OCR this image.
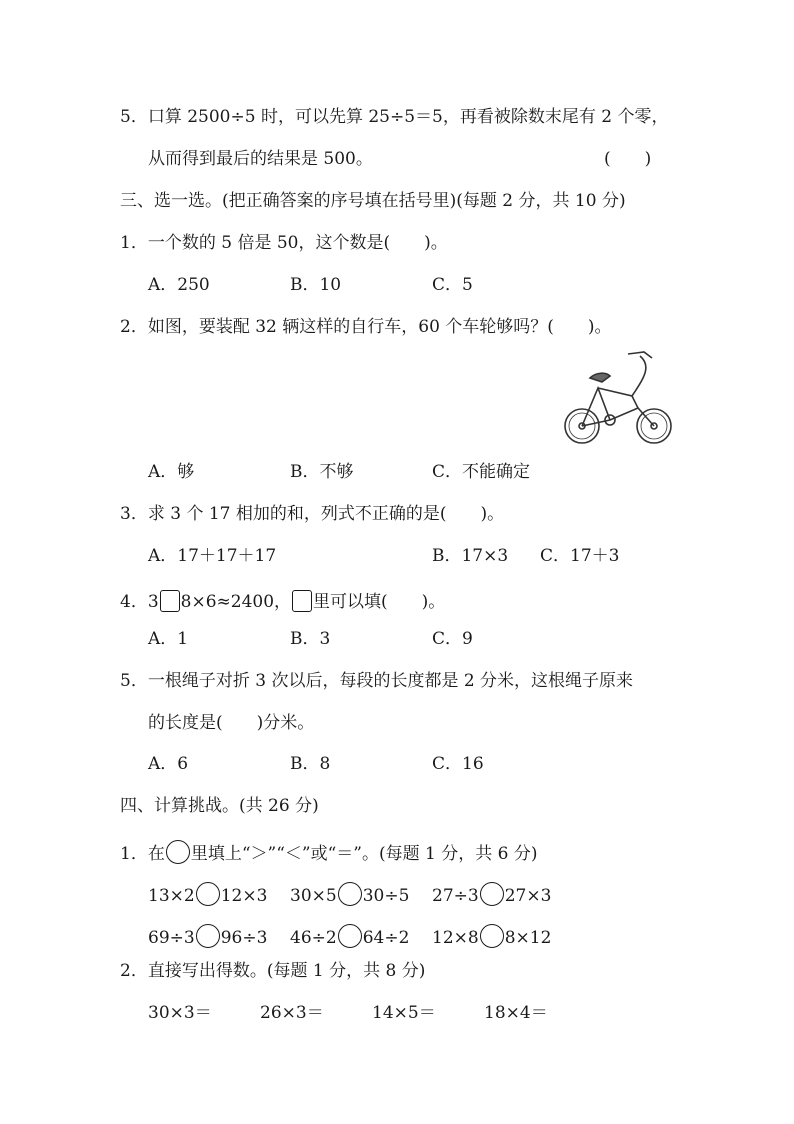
5．口算 2500÷5 时，可以先算 25÷5＝5，再看被除数末尾有 2 个零，
从而得到最后的结果是 500。	(　　)
三、选一选。(把正确答案的序号填在括号里)(每题 2 分，共 10 分)
1．一个数的 5 倍是 50，这个数是(　　)。
A．250	B．10	C．5
2．如图，要装配 32 辆这样的自行车，60 个车轮够吗？(　　)。
A．够	B．不够	C．不能确定
3．求 3 个 17 相加的和，列式不正确的是(　　)。
A．17＋17＋17	B．17×3 C．17＋3
4．3 8×6≈2400， 里可以填(　　)。
A．1	B．3	C．9
5．一根绳子对折 3 次以后，每段的长度都是 2 分米，这根绳子原来
的长度是(　　)分米。
A．6	B．8	C．16
四、计算挑战。(共 26 分)
1．在 里填上“＞”“＜”或“＝”。(每题 1 分，共 6 分)
13×2 12×3 30×5 30÷5 27÷3 27×3
69÷3 96÷3 46÷2 64÷2 12×8 8×12
2．直接写出得数。(每题 1 分，共 8 分)
30×3＝	26×3＝	14×5＝	18×4＝
